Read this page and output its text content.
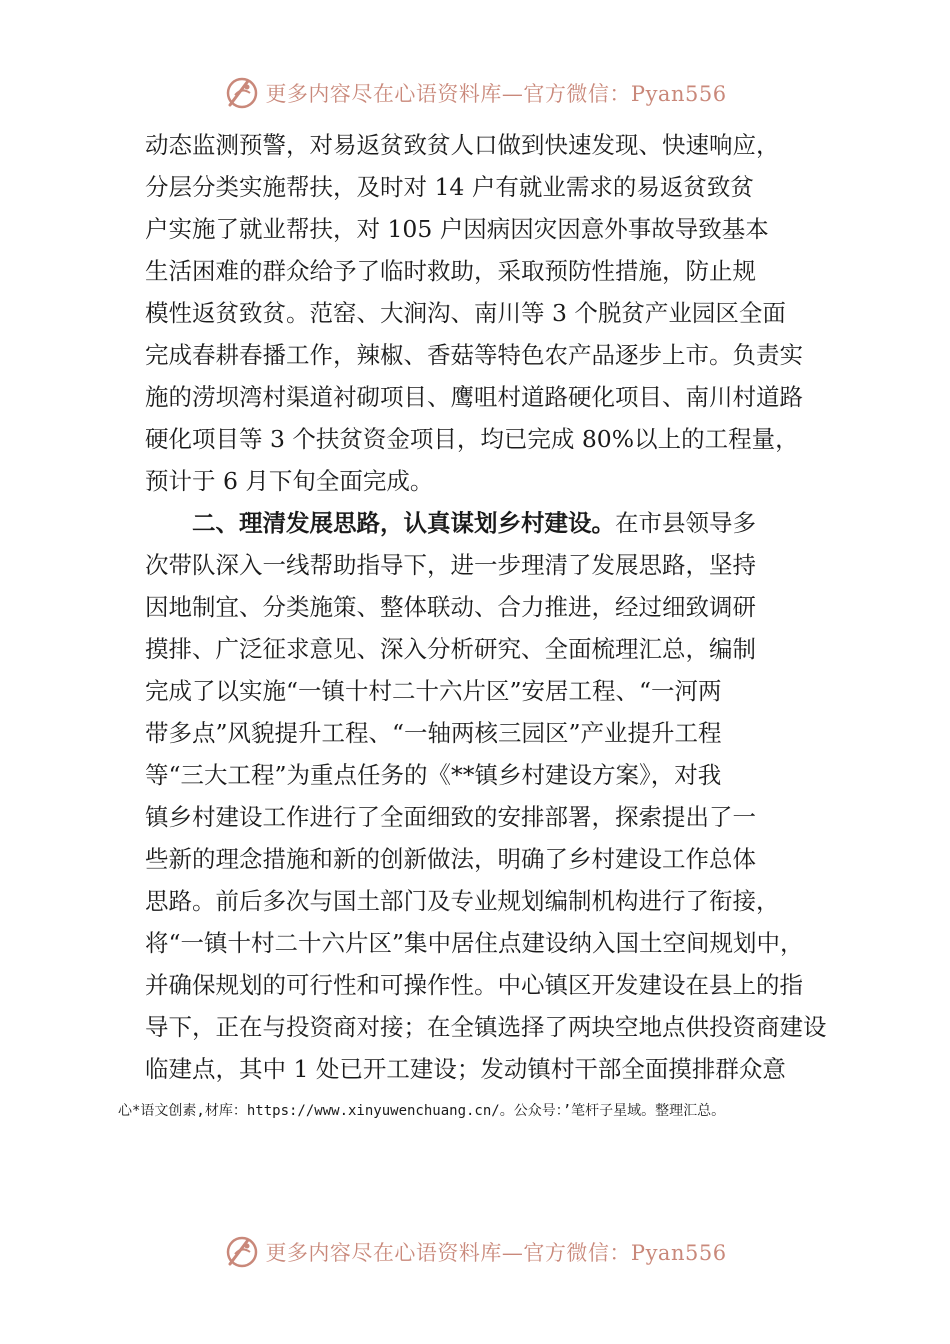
更多内容尽在心语资料库—官方微信：Pyan556
动态监测预警，对易返贫致贫人口做到快速发现、快速响应，
分层分类实施帮扶，及时对 14 户有就业需求的易返贫致贫
户实施了就业帮扶，对 105 户因病因灾因意外事故导致基本
生活困难的群众给予了临时救助，采取预防性措施，防止规
模性返贫致贫。范窑、大涧沟、南川等 3 个脱贫产业园区全面
完成春耕春播工作，辣椒、香菇等特色农产品逐步上市。负责实
施的涝坝湾村渠道衬砌项目、鹰咀村道路硬化项目、南川村道路
硬化项目等 3 个扶贫资金项目，均已完成 80%以上的工程量，
预计于 6 月下旬全面完成。
二、理清发展思路，认真谋划乡村建设。在市县领导多
次带队深入一线帮助指导下，进一步理清了发展思路，坚持
因地制宜、分类施策、整体联动、合力推进，经过细致调研
摸排、广泛征求意见、深入分析研究、全面梳理汇总，编制
完成了以实施“一镇十村二十六片区”安居工程、“一河两
带多点”风貌提升工程、“一轴两核三园区”产业提升工程
等“三大工程”为重点任务的《**镇乡村建设方案》，对我
镇乡村建设工作进行了全面细致的安排部署，探索提出了一
些新的理念措施和新的创新做法，明确了乡村建设工作总体
思路。前后多次与国土部门及专业规划编制机构进行了衔接，
将“一镇十村二十六片区”集中居住点建设纳入国土空间规划中，
并确保规划的可行性和可操作性。中心镇区开发建设在县上的指
导下，正在与投资商对接；在全镇选择了两块空地点供投资商建设
临建点，其中 1 处已开工建设；发动镇村干部全面摸排群众意
心*语文创素,材库：https://www.xinyuwenchuang.cn/。公众号：’笔杆子星域。整理汇总。
更多内容尽在心语资料库—官方微信：Pyan556
